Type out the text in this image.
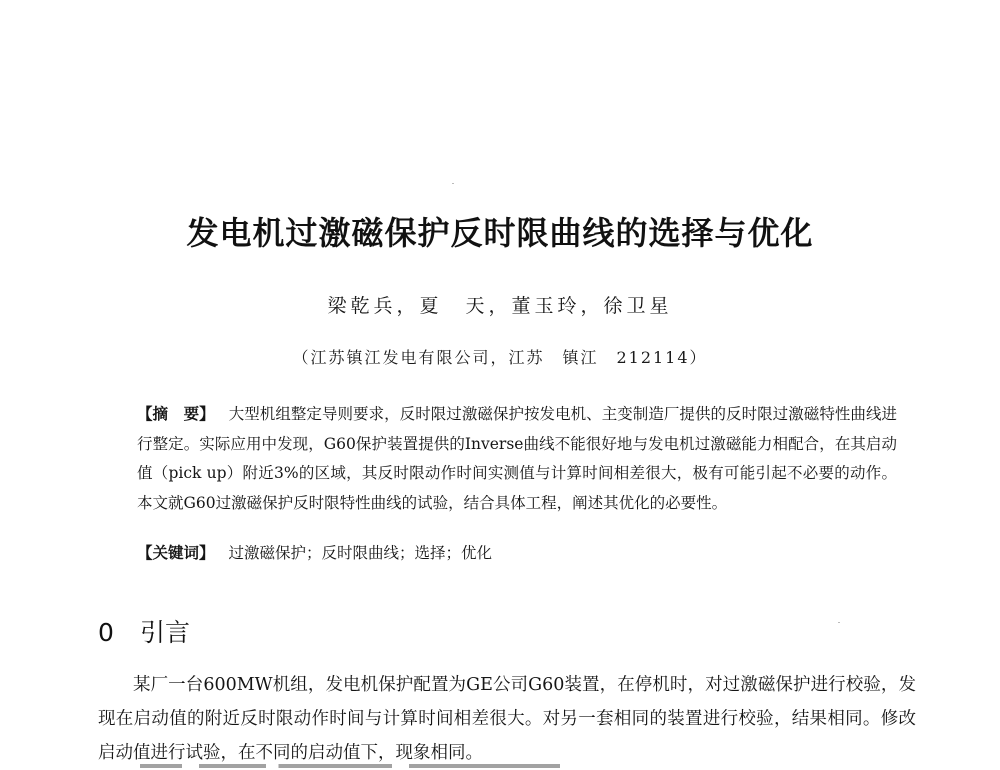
发电机过激磁保护反时限曲线的选择与优化
梁乾兵，夏　天，董玉玲，徐卫星
（江苏镇江发电有限公司，江苏　镇江　212114）
【摘　要】 大型机组整定导则要求，反时限过激磁保护按发电机、主变制造厂提供的反时限过激磁特性曲线进行整定。实际应用中发现，G60保护装置提供的Inverse曲线不能很好地与发电机过激磁能力相配合，在其启动值（pick up）附近3%的区域，其反时限动作时间实测值与计算时间相差很大，极有可能引起不必要的动作。本文就G60过激磁保护反时限特性曲线的试验，结合具体工程，阐述其优化的必要性。
【关键词】 过激磁保护；反时限曲线；选择；优化
0 引言
某厂一台600MW机组，发电机保护配置为GE公司G60装置，在停机时，对过激磁保护进行校验，发现在启动值的附近反时限动作时间与计算时间相差很大。对另一套相同的装置进行校验，结果相同。修改启动值进行试验，在不同的启动值下，现象相同。
